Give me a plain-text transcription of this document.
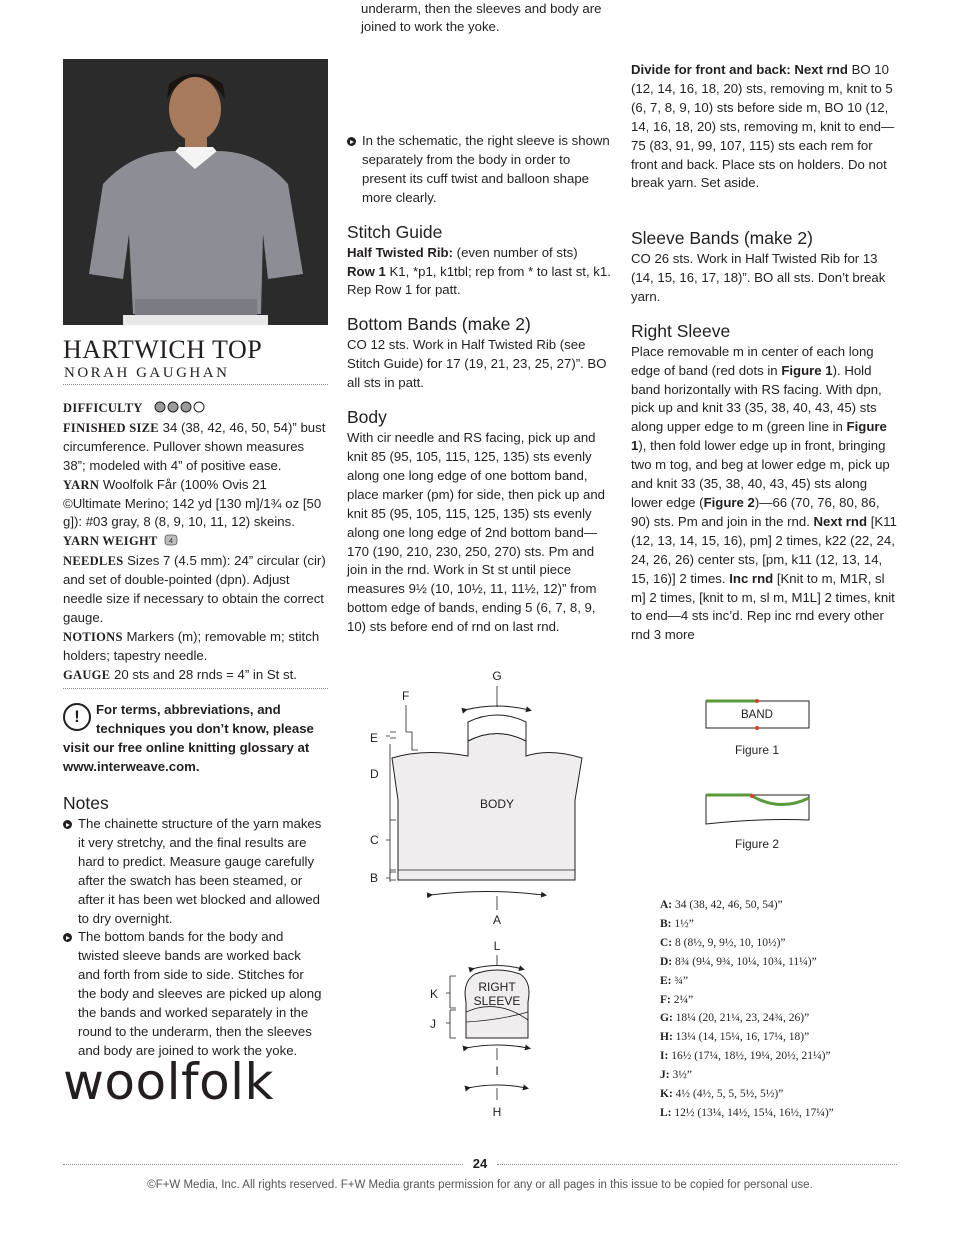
HARTWICH TOP
NORAH GAUGHAN

DIFFICULTY

FINISHED SIZE 34 (38, 42, 46, 50, 54)” bust circumference. Pullover shown measures 38”; modeled with 4” of positive ease.

YARN Woolfolk Får (100% Ovis 21 ©Ultimate Merino; 142 yd [130 m]/1¾ oz [50 g]): #03 gray, 8 (8, 9, 10, 11, 12) skeins.

YARN WEIGHT 4

NEEDLES Sizes 7 (4.5 mm): 24” circular (cir) and set of double-pointed (dpn). Adjust needle size if necessary to obtain the correct gauge.

NOTIONS Markers (m); removable m; stitch holders; tapestry needle.

GAUGE 20 sts and 28 rnds = 4” in St st.

!	For terms, abbreviations, and techniques you don’t know, please visit our free online knitting glossary at www.interweave.com.
Notes

The chainette structure of the yarn makes it very stretchy, and the final results are hard to predict. Measure gauge carefully after the swatch has been steamed, or after it has been wet blocked and allowed to dry overnight.

The bottom bands for the body and twisted sleeve bands are worked back and forth from side to side. Stitches for the body and sleeves are picked up along the bands and worked separately in the round to the underarm, then the sleeves and body are joined to work the yoke.

woolfolk

In the schematic, the right sleeve is shown separately from the body in order to present its cuff twist and balloon shape more clearly.

Stitch Guide

Half Twisted Rib: (even number of sts)

Row 1 K1, *p1, k1tbl; rep from * to last st, k1.

Rep Row 1 for patt.

Bottom Bands (make 2)

CO 12 sts. Work in Half Twisted Rib (see Stitch Guide) for 17 (19, 21, 23, 25, 27)”. BO all sts in patt.

Body

With cir needle and RS facing, pick up and knit 85 (95, 105, 115, 125, 135) sts evenly along one long edge of one bottom band, place marker (pm) for side, then pick up and knit 85 (95, 105, 115, 125, 135) sts evenly along one long edge of 2nd bottom band—170 (190, 210, 230, 250, 270) sts. Pm and join in the rnd. Work in St st until piece measures 9½ (10, 10½, 11, 11½, 12)” from bottom edge of bands, ending 5 (6, 7, 8, 9, 10) sts before end of rnd on last rnd.

underarm, then the sleeves and body are joined to work the yoke.

Divide for front and back: Next rnd BO 10 (12, 14, 16, 18, 20) sts, removing m, knit to 5 (6, 7, 8, 9, 10) sts before side m, BO 10 (12, 14, 16, 18, 20) sts, removing m, knit to end—75 (83, 91, 99, 107, 115) sts each rem for front and back. Place sts on holders. Do not break yarn. Set aside.

Sleeve Bands (make 2)

CO 26 sts. Work in Half Twisted Rib for 13 (14, 15, 16, 17, 18)”. BO all sts. Don’t break yarn.

Right Sleeve

Place removable m in center of each long edge of band (red dots in Figure 1). Hold band horizontally with RS facing. With dpn, pick up and knit 33 (35, 38, 40, 43, 45) sts along upper edge to m (green line in Figure 1), then fold lower edge up in front, bringing two m tog, and beg at lower edge m, pick up and knit 33 (35, 38, 40, 43, 45) sts along lower edge (Figure 2)—66 (70, 76, 80, 86, 90) sts. Pm and join in the rnd. Next rnd [K11 (12, 13, 14, 15, 16), pm] 2 times, k22 (22, 24, 24, 26, 26) center sts, [pm, k11 (12, 13, 14, 15, 16)] 2 times. Inc rnd [Knit to m, M1R, sl m] 2 times, [knit to m, sl m, M1L] 2 times, knit to end—4 sts inc’d. Rep inc rnd every other rnd 3 more

BODY
G
F
E
D
C
B
A
L
RIGHT
SLEEVE
K
J
I
H
BAND
Figure 1
Figure 2
A: 34 (38, 42, 46, 50, 54)”
B: 1½”
C: 8 (8½, 9, 9½, 10, 10½)”
D: 8¾ (9¼, 9¾, 10¼, 10¾, 11¼)”
E: ¾”
F: 2¼”
G: 18¼ (20, 21¼, 23, 24¾, 26)”
H: 13¼ (14, 15¼, 16, 17¼, 18)”
I: 16½ (17¼, 18½, 19¼, 20½, 21¼)”
J: 3½”
K: 4½ (4½, 5, 5, 5½, 5½)”
L: 12½ (13¼, 14½, 15¼, 16½, 17¼)”
24
©F+W Media, Inc. All rights reserved. F+W Media grants permission for any or all pages in this issue to be copied for personal use.
